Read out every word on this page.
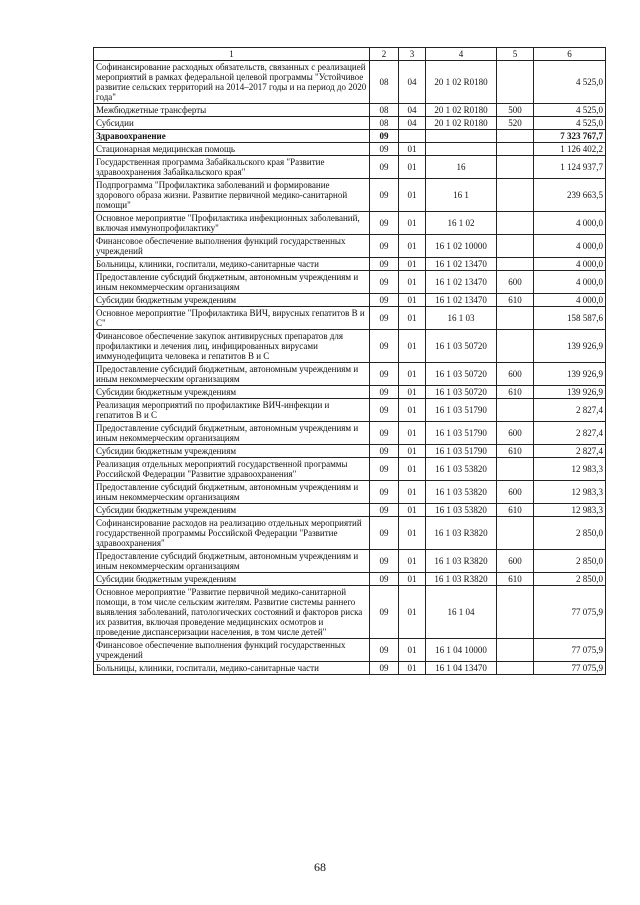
1	2	3	4	5	6
Софинансирование расходных обязательств, связанных с реализацией мероприятий в рамках федеральной целевой программы "Устойчивое развитие сельских территорий на 2014–2017 годы и на период до 2020 года"	08	04	20 1 02 R0180		4 525,0
Межбюджетные трансферты	08	04	20 1 02 R0180	500	4 525,0
Субсидии	08	04	20 1 02 R0180	520	4 525,0
Здравоохранение	09				7 323 767,7
Стационарная медицинская помощь	09	01			1 126 402,2
Государственная программа Забайкальского края "Развитие здравоохранения Забайкальского края"	09	01	16		1 124 937,7
Подпрограмма "Профилактика заболеваний и формирование здорового образа жизни. Развитие первичной медико-санитарной помощи"	09	01	16 1		239 663,5
Основное мероприятие "Профилактика инфекционных заболеваний, включая иммунопрофилактику"	09	01	16 1 02		4 000,0
Финансовое обеспечение выполнения функций государственных учреждений	09	01	16 1 02 10000		4 000,0
Больницы, клиники, госпитали, медико-санитарные части	09	01	16 1 02 13470		4 000,0
Предоставление субсидий бюджетным, автономным учреждениям и иным некоммерческим организациям	09	01	16 1 02 13470	600	4 000,0
Субсидии бюджетным учреждениям	09	01	16 1 02 13470	610	4 000,0
Основное мероприятие "Профилактика ВИЧ, вирусных гепатитов В и С"	09	01	16 1 03		158 587,6
Финансовое обеспечение закупок антивирусных препаратов для профилактики и лечения лиц, инфицированных вирусами иммунодефицита человека и гепатитов В и С	09	01	16 1 03 50720		139 926,9
Предоставление субсидий бюджетным, автономным учреждениям и иным некоммерческим организациям	09	01	16 1 03 50720	600	139 926,9
Субсидии бюджетным учреждениям	09	01	16 1 03 50720	610	139 926,9
Реализация мероприятий по профилактике ВИЧ-инфекции и гепатитов В и С	09	01	16 1 03 51790		2 827,4
Предоставление субсидий бюджетным, автономным учреждениям и иным некоммерческим организациям	09	01	16 1 03 51790	600	2 827,4
Субсидии бюджетным учреждениям	09	01	16 1 03 51790	610	2 827,4
Реализация отдельных мероприятий государственной программы Российской Федерации "Развитие здравоохранения"	09	01	16 1 03 53820		12 983,3
Предоставление субсидий бюджетным, автономным учреждениям и иным некоммерческим организациям	09	01	16 1 03 53820	600	12 983,3
Субсидии бюджетным учреждениям	09	01	16 1 03 53820	610	12 983,3
Софинансирование расходов на реализацию отдельных мероприятий государственной программы Российской Федерации "Развитие здравоохранения"	09	01	16 1 03 R3820		2 850,0
Предоставление субсидий бюджетным, автономным учреждениям и иным некоммерческим организациям	09	01	16 1 03 R3820	600	2 850,0
Субсидии бюджетным учреждениям	09	01	16 1 03 R3820	610	2 850,0
Основное мероприятие "Развитие первичной медико-санитарной помощи, в том числе сельским жителям. Развитие системы раннего выявления заболеваний, патологических состояний и факторов риска их развития, включая проведение медицинских осмотров и проведение диспансеризации населения, в том числе детей"	09	01	16 1 04		77 075,9
Финансовое обеспечение выполнения функций государственных учреждений	09	01	16 1 04 10000		77 075,9
Больницы, клиники, госпитали, медико-санитарные части	09	01	16 1 04 13470		77 075,9
68
